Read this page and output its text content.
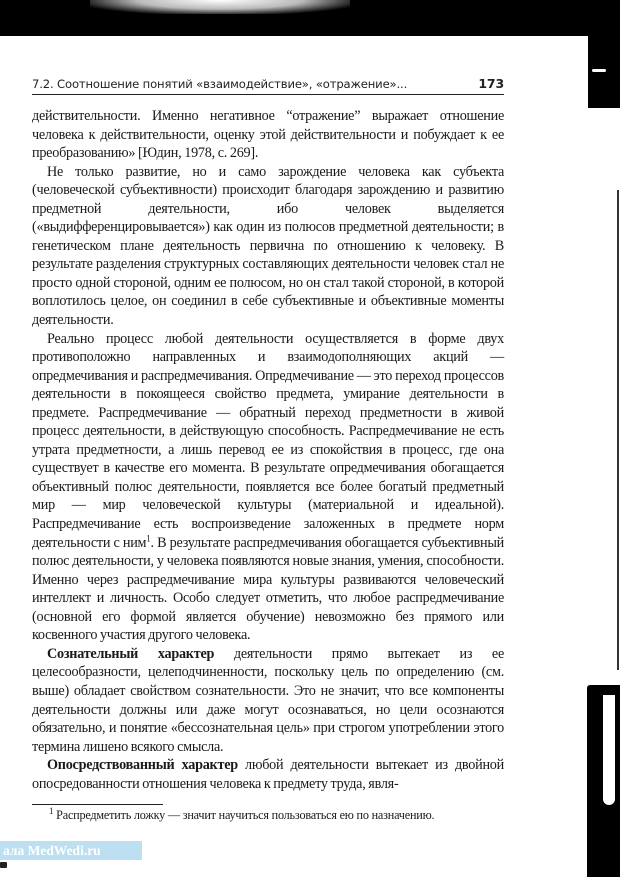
7.2. Соотношение понятий «взаимодействие», «отражение»...	173

действительности. Именно негативное “отражение” выражает отношение человека к действительности, оценку этой действительности и побуждает к ее преобразованию» [Юдин, 1978, с. 269].

Не только развитие, но и само зарождение человека как субъекта (человеческой субъективности) происходит благодаря зарождению и развитию предметной деятельности, ибо человек выделяется («выдифференцировывается») как один из полюсов предметной деятельности; в генетическом плане деятельность первична по отношению к человеку. В результате разделения структурных составляющих деятельности человек стал не просто одной стороной, одним ее полюсом, но он стал такой стороной, в которой воплотилось целое, он соединил в себе субъективные и объективные моменты деятельности.

Реально процесс любой деятельности осуществляется в форме двух противоположно направленных и взаимодополняющих акций — опредмечивания и распредмечивания. Опредмечивание — это переход процессов деятельности в покоящееся свойство предмета, умирание деятельности в предмете. Распредмечивание — обратный переход предметности в живой процесс деятельности, в действующую способность. Распредмечивание не есть утрата предметности, а лишь перевод ее из спокойствия в процесс, где она существует в качестве его момента. В результате опредмечивания обогащается объективный полюс деятельности, появляется все более богатый предметный мир — мир человеческой культуры (материальной и идеальной). Распредмечивание есть воспроизведение заложенных в предмете норм деятельности с ним$^1$. В результате распредмечивания обогащается субъективный полюс деятельности, у человека появляются новые знания, умения, способности. Именно через распредмечивание мира культуры развиваются человеческий интеллект и личность. Особо следует отметить, что любое распредмечивание (основной его формой является обучение) невозможно без прямого или косвенного участия другого человека.

Сознательный характер деятельности прямо вытекает из ее целесообразности, целеподчиненности, поскольку цель по определению (см. выше) обладает свойством сознательности. Это не значит, что все компоненты деятельности должны или даже могут осознаваться, но цели осознаются обязательно, и понятие «бессознательная цель» при строгом употреблении этого термина лишено всякого смысла.

Опосредствованный характер любой деятельности вытекает из двойной опосредованности отношения человека к предмету труда, явля-

$^1$ Распредметить ложку — значит научиться пользоваться ею по назначению.
ала MedWedi.ru
